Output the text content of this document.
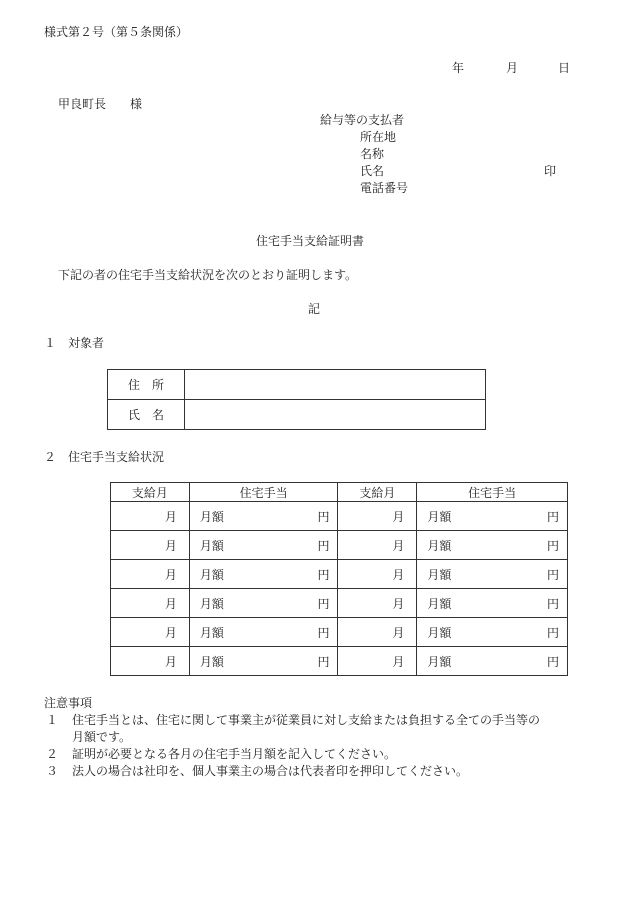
様式第２号（第５条関係）
年	月	日
甲良町長　　様
給与等の支払者
所在地
名称
氏名	印
電話番号
住宅手当支給証明書
下記の者の住宅手当支給状況を次のとおり証明します。
記
１　対象者
住　所	
氏　名	
２　住宅手当支給状況
支給月	住宅手当	支給月	住宅手当
月	月額 円	月	月額 円

月	月額 円	月	月額 円

月	月額 円	月	月額 円

月	月額 円	月	月額 円

月	月額 円	月	月額 円

月	月額 円	月	月額 円
注意事項
１ 住宅手当とは、住宅に関して事業主が従業員に対し支給または負担する全ての手当等の
月額です。
２ 証明が必要となる各月の住宅手当月額を記入してください。
３ 法人の場合は社印を、個人事業主の場合は代表者印を押印してください。
